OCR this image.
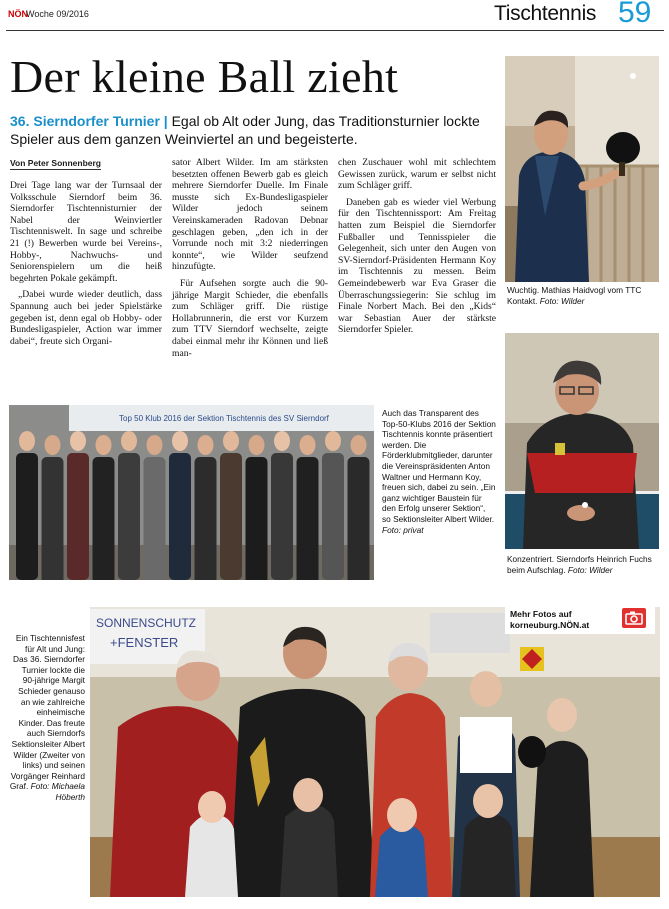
NÖN
Woche 09/2016	Tischtennis 59
Der kleine Ball zieht
36. Sierndorfer Turnier | Egal ob Alt oder Jung, das Traditionsturnier lockte Spieler aus dem ganzen Weinviertel an und begeisterte.
Von Peter Sonnenberg

Drei Tage lang war der Turnsaal der Volksschule Sierndorf beim 36. Sierndorfer Tischtennisturnier der Nabel der Weinviertler Tischtenniswelt. In sage und schreibe 21 (!) Bewerben wurde bei Vereins-, Hobby-, Nachwuchs- und Seniorenspielern um die heiß begehrten Pokale gekämpft.

„Dabei wurde wieder deutlich, dass Spannung auch bei jeder Spielstärke gegeben ist, denn egal ob Hobby- oder Bundesligaspieler, Action war immer dabei“, freute sich Organi-

sator Albert Wilder. Im am stärksten besetzten offenen Bewerb gab es gleich mehrere Sierndorfer Duelle. Im Finale musste sich Ex-Bundesligaspieler Wilder jedoch seinem Vereinskameraden Radovan Debnar geschlagen geben, „den ich in der Vorrunde noch mit 3:2 niederringen konnte“, wie Wilder seufzend hinzufügte.

Für Aufsehen sorgte auch die 90-jährige Margit Schieder, die ebenfalls zum Schläger griff. Die rüstige Hollabrunnerin, die erst vor Kurzem zum TTV Sierndorf wechselte, zeigte dabei einmal mehr ihr Können und ließ man-

chen Zuschauer wohl mit schlechtem Gewissen zurück, warum er selbst nicht zum Schläger griff.

Daneben gab es wieder viel Werbung für den Tischtennissport: Am Freitag hatten zum Beispiel die Sierndorfer Fußballer und Tennisspieler die Gelegenheit, sich unter den Augen von SV-Sierndorf-Präsidenten Hermann Koy im Tischtennis zu messen. Beim Gemeindebewerb war Eva Graser die Überraschungssiegerin: Sie schlug im Finale Norbert Mach. Bei den „Kids“ war Sebastian Auer der stärkste Sierndorfer Spieler.

Wuchtig. Mathias Haidvogl vom TTC Kontakt. Foto: Wilder
Konzentriert. Sierndorfs Heinrich Fuchs beim Aufschlag. Foto: Wilder
Top 50 Klub 2016 der Sektion Tischtennis des SV Sierndorf
Auch das Transparent des Top-50-Klubs 2016 der Sektion Tischtennis konnte präsentiert werden. Die Förderklubmitglieder, darunter die Vereinspräsidenten Anton Waltner und Hermann Koy, freuen sich, dabei zu sein. „Ein ganz wichtiger Baustein für den Erfolg unserer Sektion“, so Sektionsleiter Albert Wilder. Foto: privat
SONNENSCHUTZ
+FENSTER
Ein Tischtennisfest für Alt und Jung: Das 36. Sierndorfer Turnier lockte die 90-jährige Margit Schieder genauso an wie zahlreiche einheimische Kinder. Das freute auch Sierndorfs Sektionsleiter Albert Wilder (Zweiter von links) und seinen Vorgänger Reinhard Graf. Foto: Michaela Höberth
Mehr Fotos auf
korneuburg.NÖN.at
